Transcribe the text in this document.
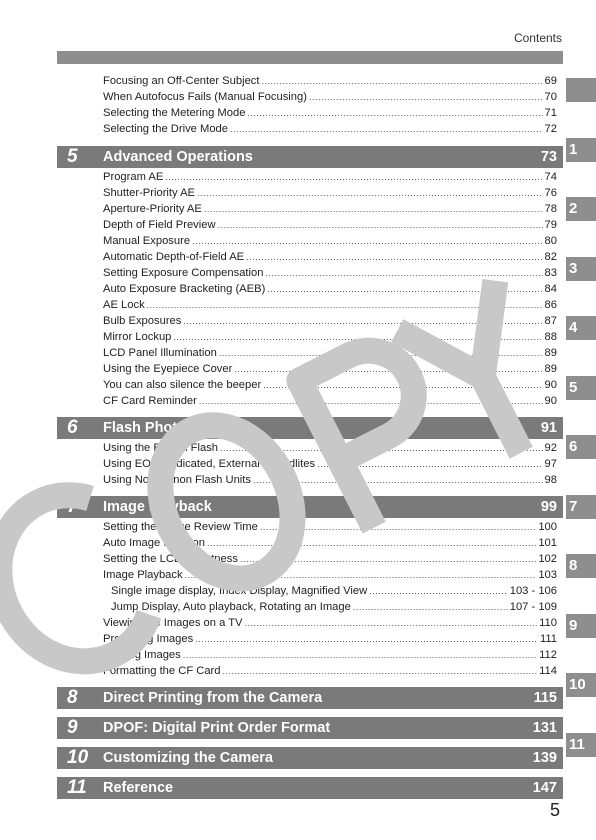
Contents
Focusing an Off-Center Subject .....	69
When Autofocus Fails (Manual Focusing) .....	70
Selecting the Metering Mode .....	71
Selecting the Drive Mode .....	72
5 Advanced Operations	73
Program AE .....	74
Shutter-Priority AE .....	76
Aperture-Priority AE .....	78
Depth of Field Preview .....	79
Manual Exposure .....	80
Automatic Depth-of-Field AE .....	82
Setting Exposure Compensation .....	83
Auto Exposure Bracketing (AEB) .....	84
AE Lock .....	86
Bulb Exposures .....	87
Mirror Lockup .....	88
LCD Panel Illumination .....	89
Using the Eyepiece Cover .....	89
You can also silence the beeper .....	90
CF Card Reminder .....	90
6 Flash Photography	91
Using the Built-in Flash .....	92
Using EOS-Dedicated, External Speedlites .....	97
Using Non-Canon Flash Units .....	98
7 Image Playback	99
Setting the Image Review Time .....	100
Auto Image Rotation .....	101
Setting the LCD Brightness .....	102
Image Playback .....	103
Single image display, Index Display, Magnified View .....	103 - 106
Jump Display, Auto playback, Rotating an Image .....	107 - 109
Viewing the Images on a TV .....	110
Protecting Images .....	111
Erasing Images .....	112
Formatting the CF Card .....	114
8 Direct Printing from the Camera	115
9 DPOF: Digital Print Order Format	131
10 Customizing the Camera	139
11 Reference	147
1
2
3
4
5
6
7
8
9
10
11
5
